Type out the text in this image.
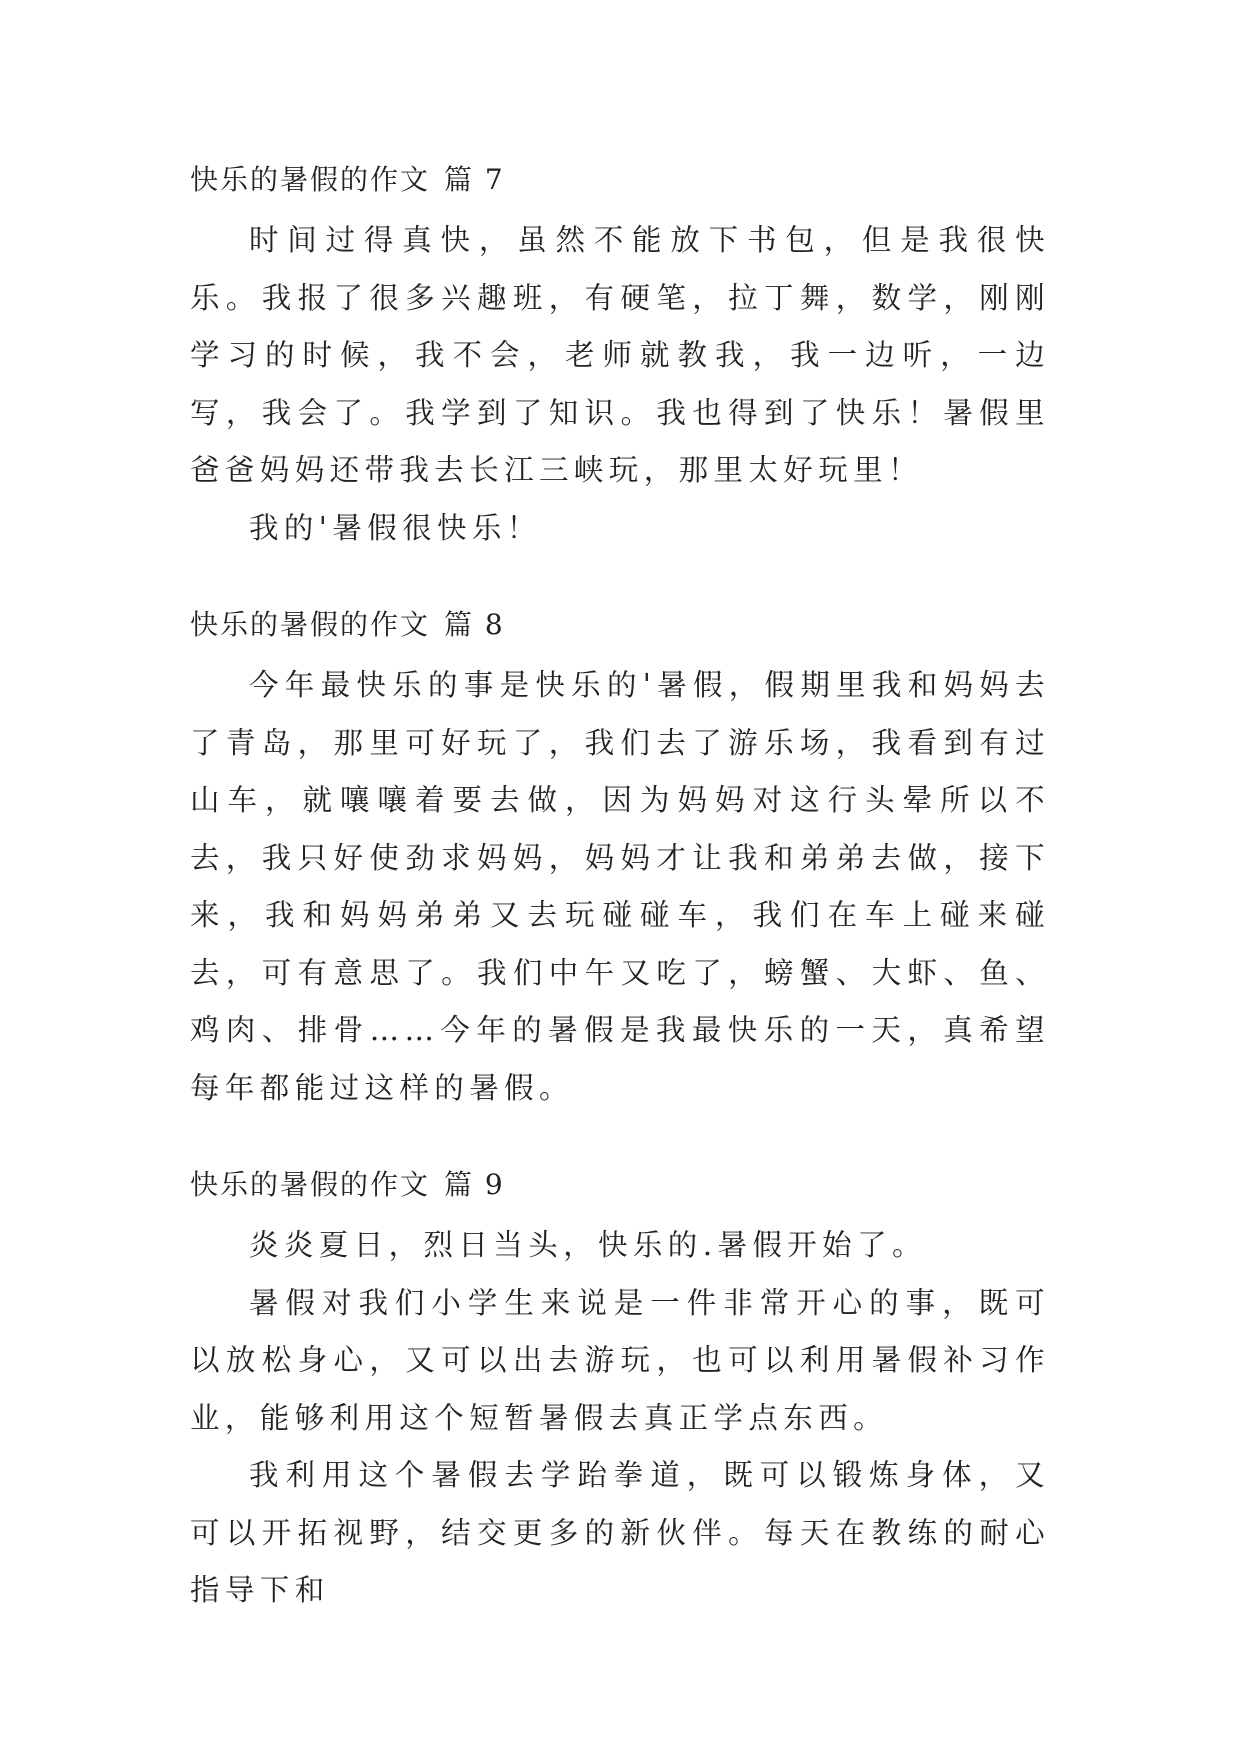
快乐的暑假的作文 篇 7

时间过得真快，虽然不能放下书包，但是我很快乐。我报了很多兴趣班，有硬笔，拉丁舞，数学，刚刚学习的时候，我不会，老师就教我，我一边听，一边写，我会了。我学到了知识。我也得到了快乐！暑假里爸爸妈妈还带我去长江三峡玩，那里太好玩里！

我的'暑假很快乐！

快乐的暑假的作文 篇 8

今年最快乐的事是快乐的'暑假，假期里我和妈妈去了青岛，那里可好玩了，我们去了游乐场，我看到有过山车，就嚷嚷着要去做，因为妈妈对这行头晕所以不去，我只好使劲求妈妈，妈妈才让我和弟弟去做，接下来，我和妈妈弟弟又去玩碰碰车，我们在车上碰来碰去，可有意思了。我们中午又吃了，螃蟹、大虾、鱼、鸡肉、排骨……今年的暑假是我最快乐的一天，真希望每年都能过这样的暑假。

快乐的暑假的作文 篇 9

炎炎夏日，烈日当头，快乐的.暑假开始了。

暑假对我们小学生来说是一件非常开心的事，既可以放松身心，又可以出去游玩，也可以利用暑假补习作业，能够利用这个短暂暑假去真正学点东西。

我利用这个暑假去学跆拳道，既可以锻炼身体，又可以开拓视野，结交更多的新伙伴。每天在教练的耐心指导下和
